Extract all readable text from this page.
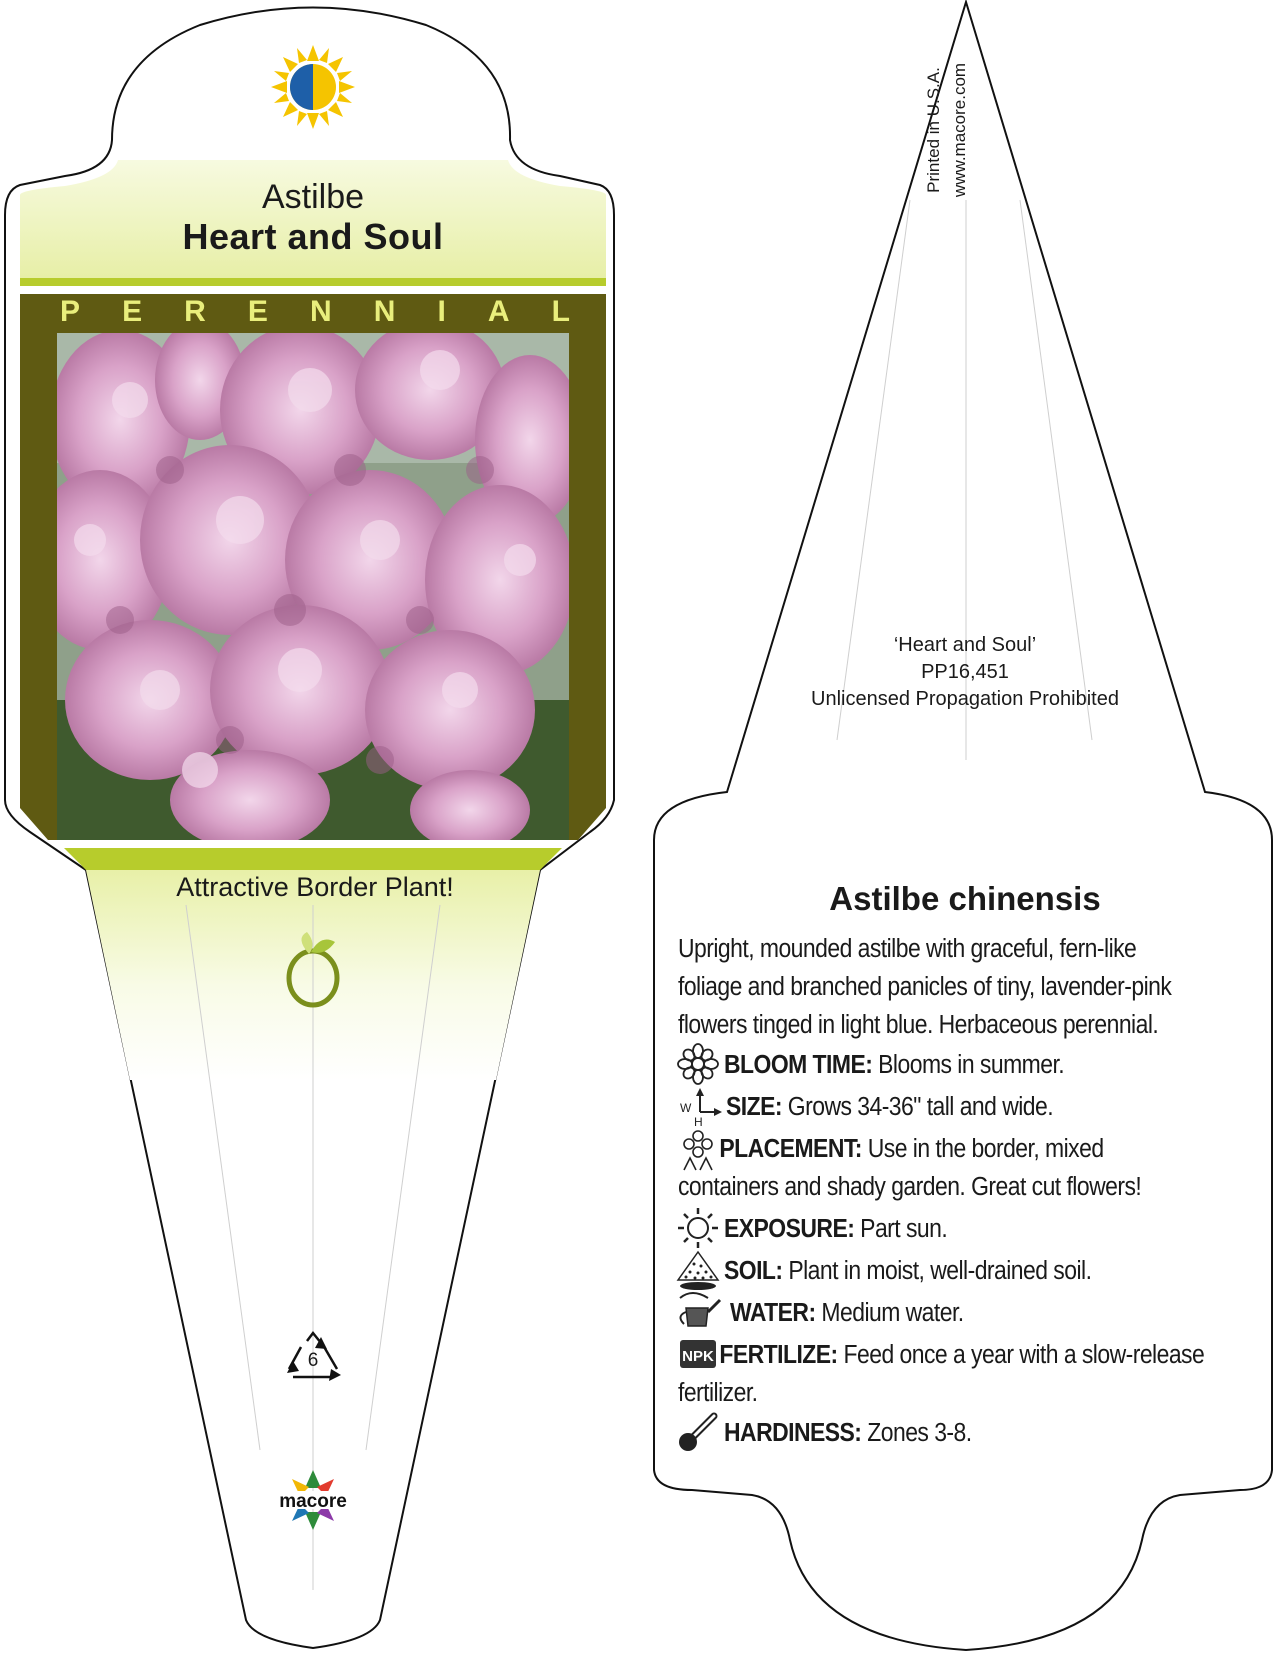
macore
W
H
NPK
Astilbe
Heart and Soul
P E R E N N I A L
Attractive Border Plant!
6
Printed in U.S.A. www.macore.com
‘Heart and Soul’
PP16,451
Unlicensed Propagation Prohibited
Astilbe chinensis
Upright, mounded astilbe with graceful, fern-like foliage and branched panicles of tiny, lavender-pink flowers tinged in light blue. Herbaceous perennial.
BLOOM TIME: Blooms in summer.
SIZE: Grows 34-36" tall and wide.
PLACEMENT: Use in the border, mixed containers and shady garden. Great cut flowers!
EXPOSURE: Part sun.
SOIL: Plant in moist, well-drained soil.
WATER: Medium water.
FERTILIZE: Feed once a year with a slow-release fertilizer.
HARDINESS: Zones 3-8.
